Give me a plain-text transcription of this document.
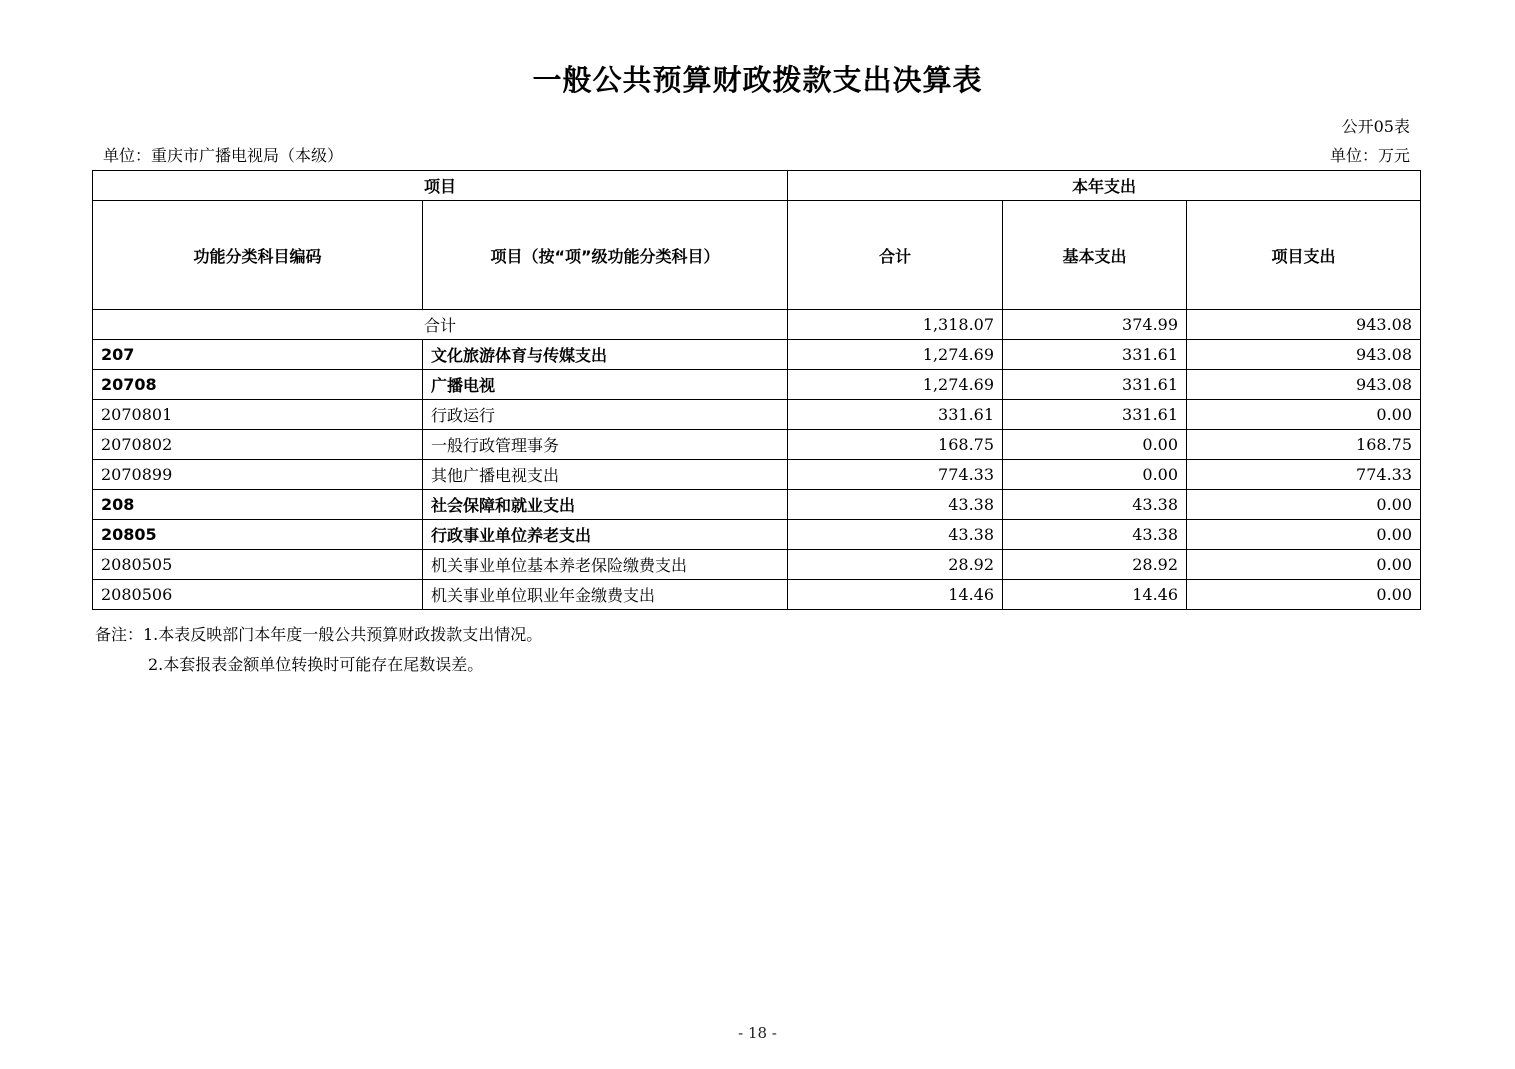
一般公共预算财政拨款支出决算表
公开05表
单位：重庆市广播电视局（本级）	单位：万元
项目		本年支出		
功能分类科目编码	项目（按“项”级功能分类科目）	合计	基本支出	项目支出
合计		1,318.07	374.99	943.08
207	文化旅游体育与传媒支出	1,274.69	331.61	943.08
20708	广播电视	1,274.69	331.61	943.08
2070801	行政运行	331.61	331.61	0.00
2070802	一般行政管理事务	168.75	0.00	168.75
2070899	其他广播电视支出	774.33	0.00	774.33
208	社会保障和就业支出	43.38	43.38	0.00
20805	行政事业单位养老支出	43.38	43.38	0.00
2080505	机关事业单位基本养老保险缴费支出	28.92	28.92	0.00
2080506	机关事业单位职业年金缴费支出	14.46	14.46	0.00
备注：1.本表反映部门本年度一般公共预算财政拨款支出情况。
2.本套报表金额单位转换时可能存在尾数误差。
- 18 -
